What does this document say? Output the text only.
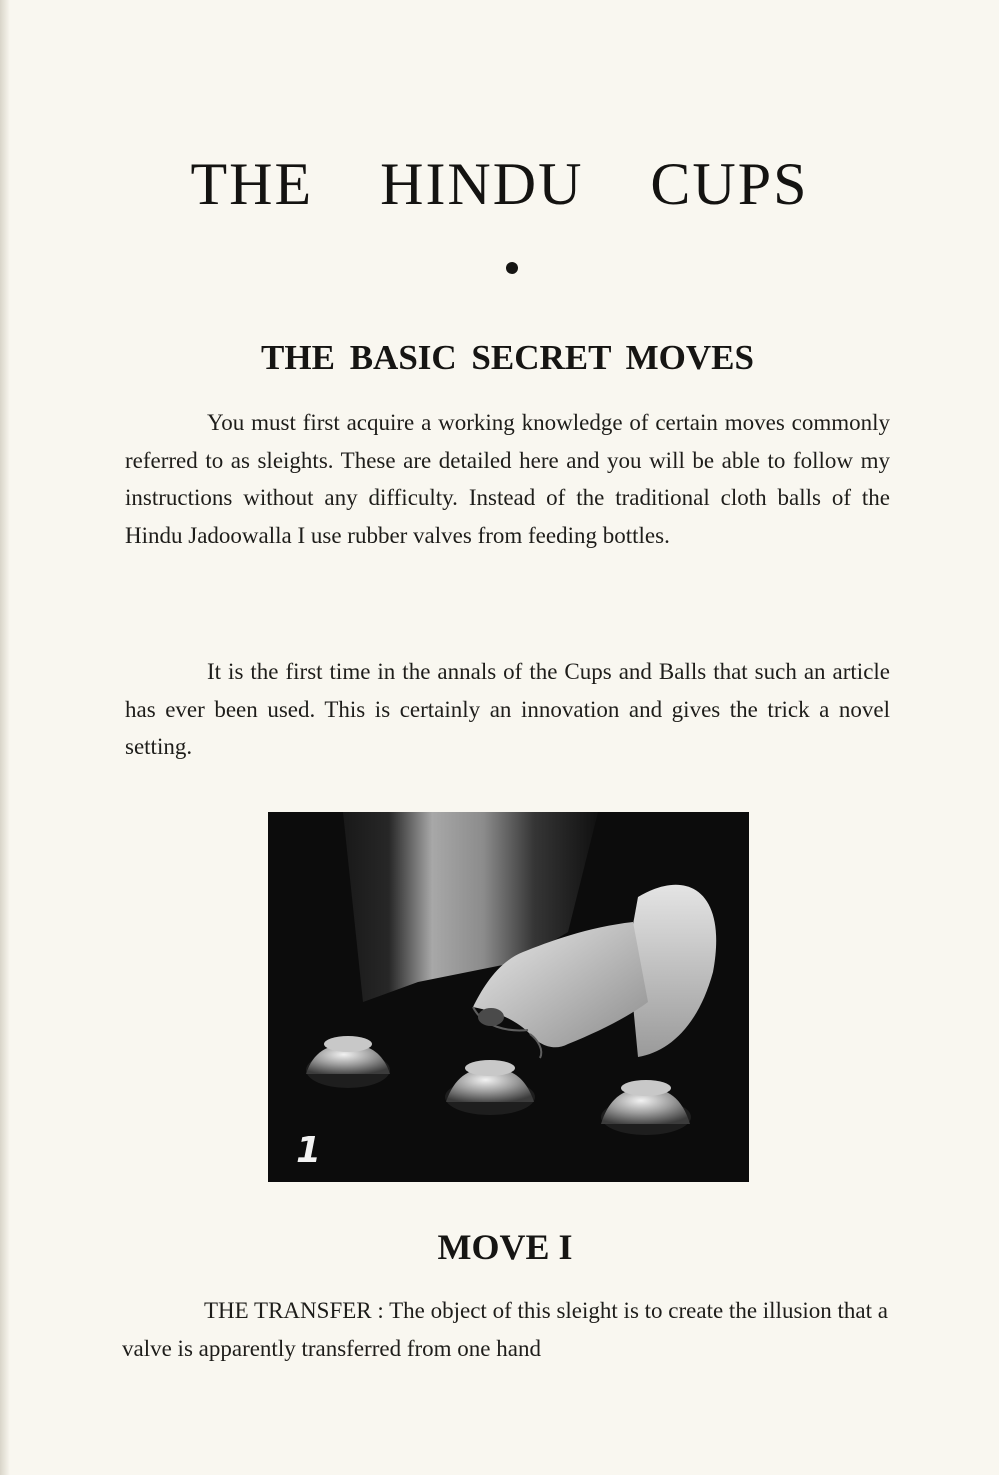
THE HINDU CUPS
THE BASIC SECRET MOVES

You must first acquire a working knowledge of certain moves commonly referred to as sleights. These are detailed here and you will be able to follow my instructions without any difficulty. Instead of the traditional cloth balls of the Hindu Jadoowalla I use rubber valves from feeding bottles.

It is the first time in the annals of the Cups and Balls that such an article has ever been used. This is certainly an innovation and gives the trick a novel setting.

1
MOVE I

THE TRANSFER : The object of this sleight is to create the illusion that a valve is apparently transferred from one hand
